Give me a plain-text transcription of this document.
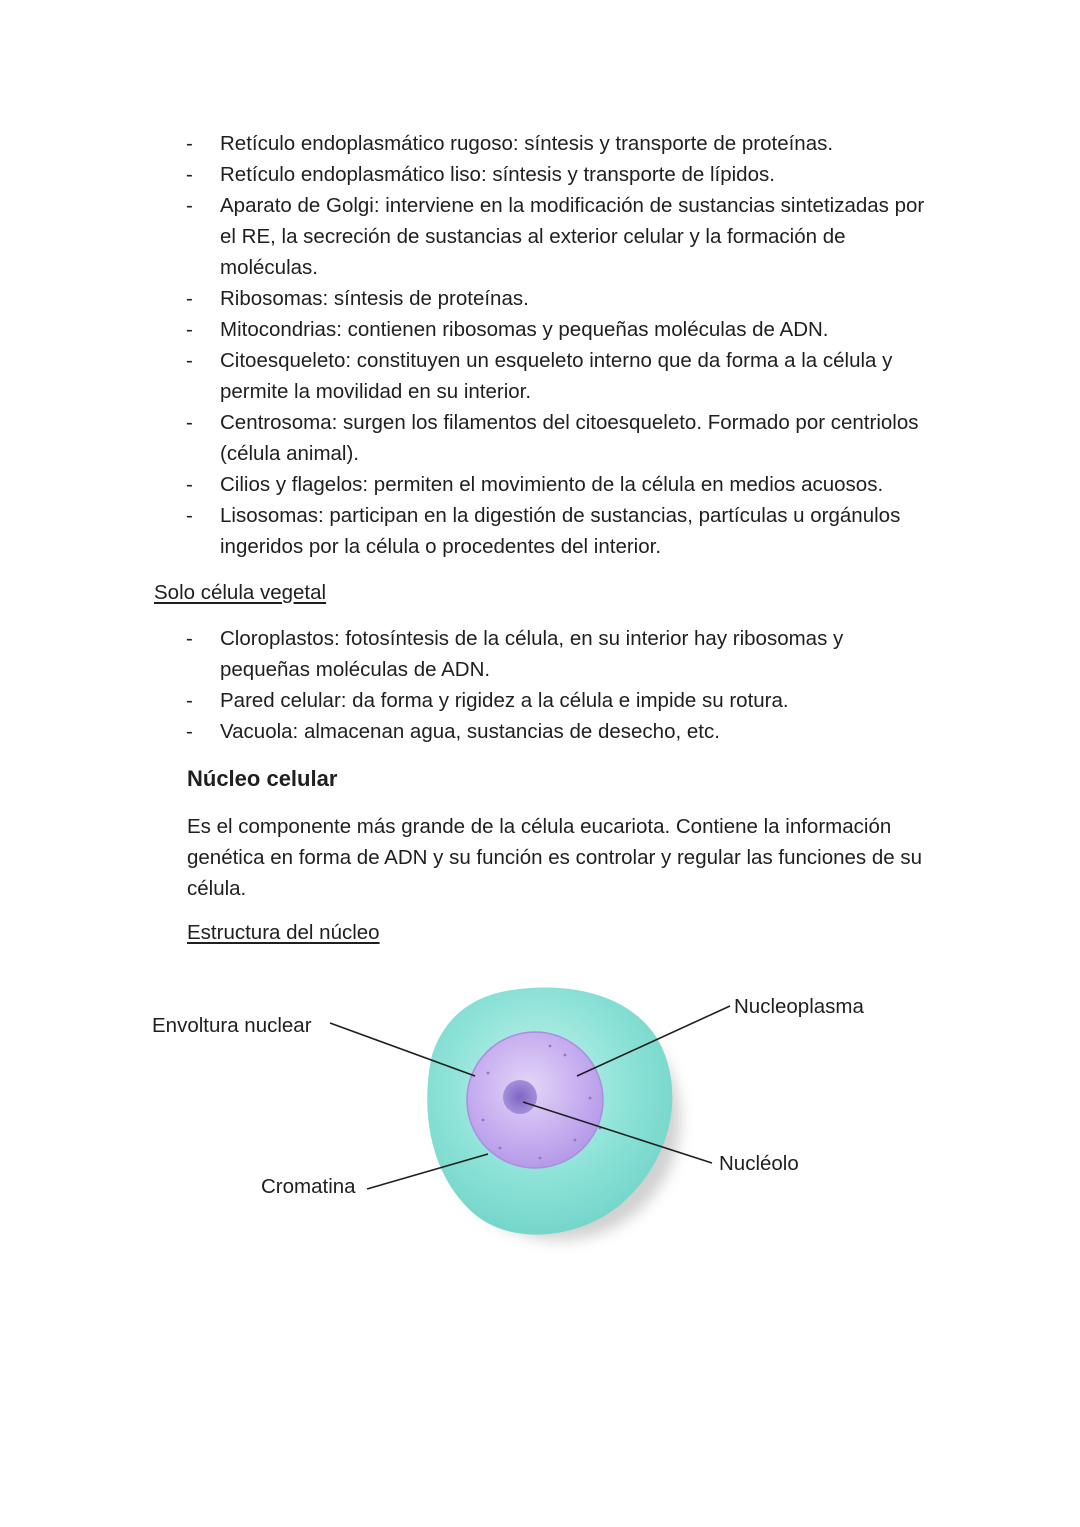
- Retículo endoplasmático rugoso: síntesis y transporte de proteínas.
- Retículo endoplasmático liso: síntesis y transporte de lípidos.
- Aparato de Golgi: interviene en la modificación de sustancias sintetizadas por el RE, la secreción de sustancias al exterior celular y la formación de moléculas.
- Ribosomas: síntesis de proteínas.
- Mitocondrias: contienen ribosomas y pequeñas moléculas de ADN.
- Citoesqueleto: constituyen un esqueleto interno que da forma a la célula y permite la movilidad en su interior.
- Centrosoma: surgen los filamentos del citoesqueleto. Formado por centriolos (célula animal).
- Cilios y flagelos: permiten el movimiento de la célula en medios acuosos.
- Lisosomas: participan en la digestión de sustancias, partículas u orgánulos ingeridos por la célula o procedentes del interior.
Solo célula vegetal
- Cloroplastos: fotosíntesis de la célula, en su interior hay ribosomas y pequeñas moléculas de ADN.
- Pared celular: da forma y rigidez a la célula e impide su rotura.
- Vacuola: almacenan agua, sustancias de desecho, etc.
Núcleo celular

Es el componente más grande de la célula eucariota. Contiene la información genética en forma de ADN y su función es controlar y regular las funciones de su célula.

Estructura del núcleo
Envoltura nuclear
Nucleoplasma
Nucléolo
Cromatina
